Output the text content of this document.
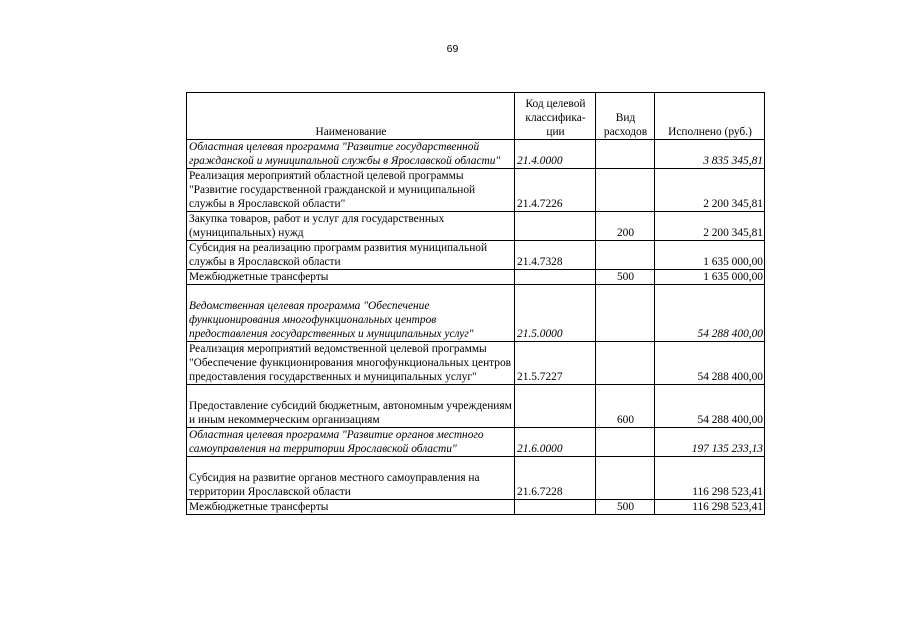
69
Наименование	Код целевой классифика-ции	Вид расходов	Исполнено (руб.)
Областная целевая программа "Развитие государственной гражданской и муниципальной службы в Ярославской области"	21.4.0000		3 835 345,81
Реализация мероприятий областной целевой программы "Развитие государственной гражданской и муниципальной службы в Ярославской области"	21.4.7226		2 200 345,81
Закупка товаров, работ и услуг для государственных (муниципальных) нужд		200	2 200 345,81
Субсидия на реализацию программ развития муниципальной службы в Ярославской области	21.4.7328		1 635 000,00
Межбюджетные трансферты		500	1 635 000,00

Ведомственная целевая программа "Обеспечение функционирования многофункциональных центров предоставления государственных и муниципальных услуг"	21.5.0000		54 288 400,00
Реализация мероприятий ведомственной целевой программы "Обеспечение функционирования многофункциональных центров предоставления государственных и муниципальных услуг"	21.5.7227		54 288 400,00

Предоставление субсидий бюджетным, автономным учреждениям и иным некоммерческим организациям		600	54 288 400,00
Областная целевая программа "Развитие органов местного самоуправления на территории Ярославской области"	21.6.0000		197 135 233,13

Субсидия на развитие органов местного самоуправления на территории Ярославской области	21.6.7228		116 298 523,41
Межбюджетные трансферты		500	116 298 523,41
